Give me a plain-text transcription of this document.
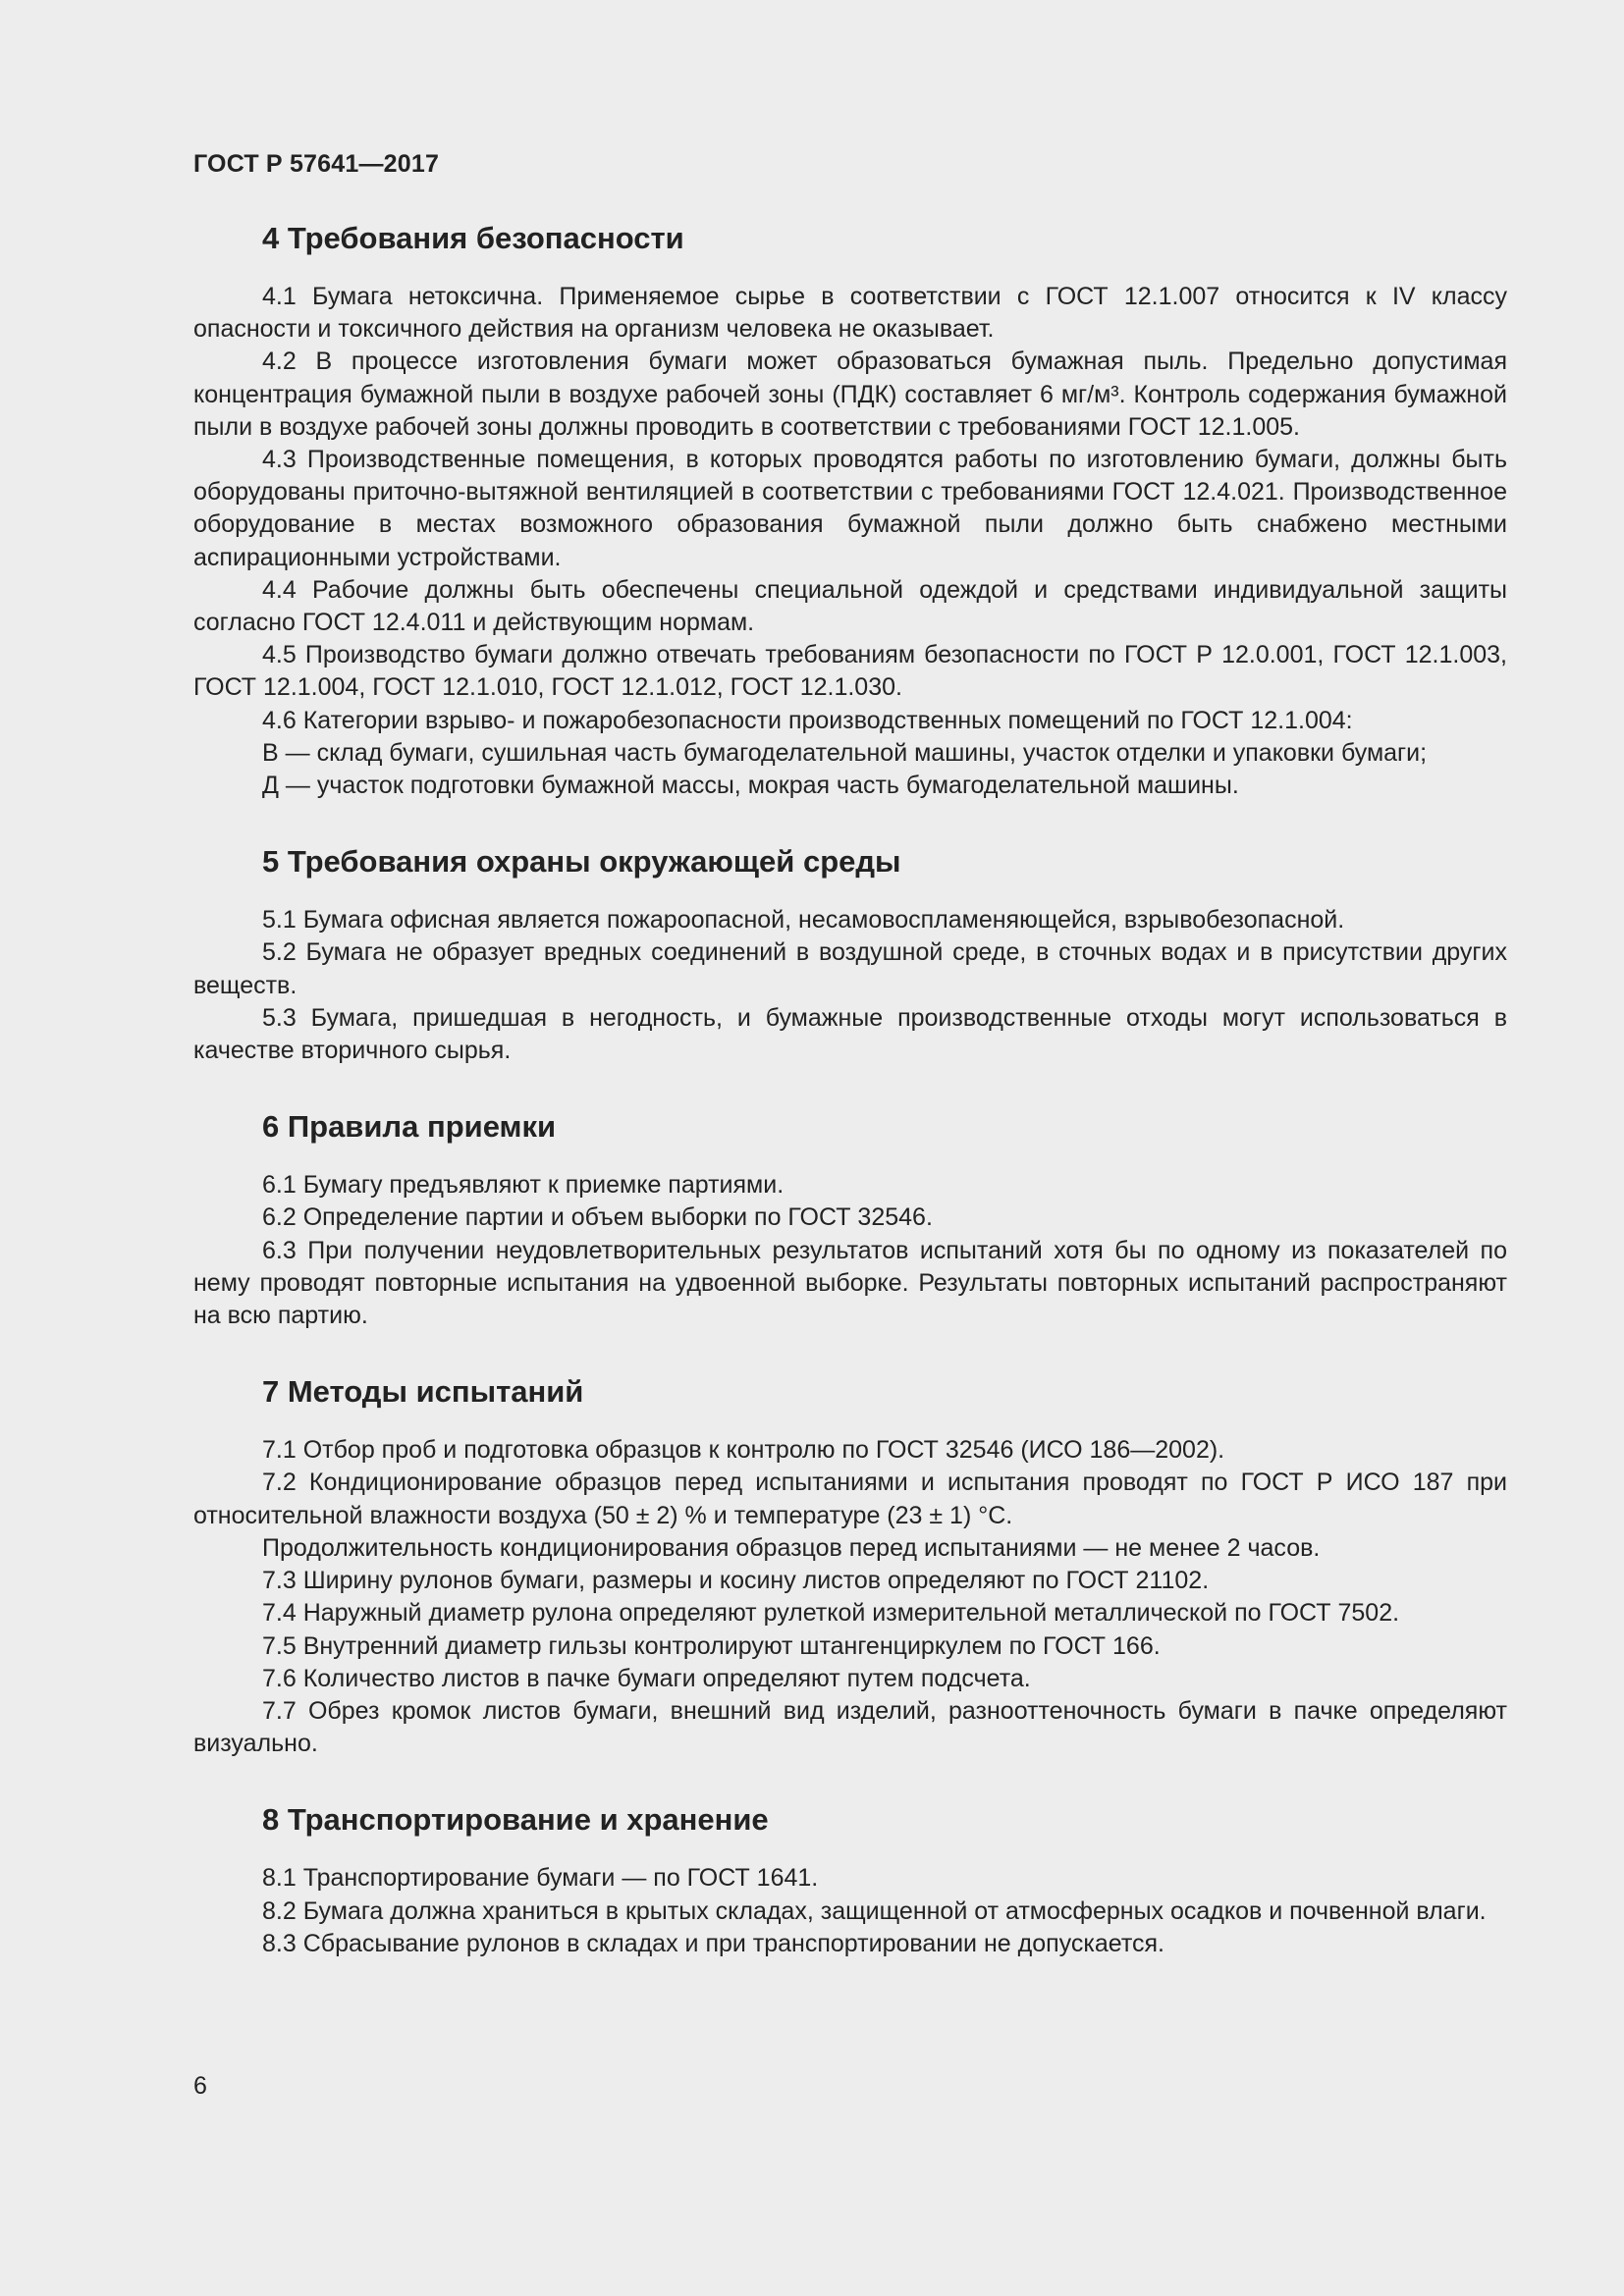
ГОСТ Р 57641—2017
4 Требования безопасности

4.1 Бумага нетоксична. Применяемое сырье в соответствии с ГОСТ 12.1.007 относится к IV классу опасности и токсичного действия на организм человека не оказывает.

4.2 В процессе изготовления бумаги может образоваться бумажная пыль. Предельно допустимая концентрация бумажной пыли в воздухе рабочей зоны (ПДК) составляет 6 мг/м³. Контроль содержания бумажной пыли в воздухе рабочей зоны должны проводить в соответствии с требованиями ГОСТ 12.1.005.

4.3 Производственные помещения, в которых проводятся работы по изготовлению бумаги, должны быть оборудованы приточно-вытяжной вентиляцией в соответствии с требованиями ГОСТ 12.4.021. Производственное оборудование в местах возможного образования бумажной пыли должно быть снабжено местными аспирационными устройствами.

4.4 Рабочие должны быть обеспечены специальной одеждой и средствами индивидуальной защиты согласно ГОСТ 12.4.011 и действующим нормам.

4.5 Производство бумаги должно отвечать требованиям безопасности по ГОСТ Р 12.0.001, ГОСТ 12.1.003, ГОСТ 12.1.004, ГОСТ 12.1.010, ГОСТ 12.1.012, ГОСТ 12.1.030.

4.6 Категории взрыво- и пожаробезопасности производственных помещений по ГОСТ 12.1.004:

В — склад бумаги, сушильная часть бумагоделательной машины, участок отделки и упаковки бумаги;

Д — участок подготовки бумажной массы, мокрая часть бумагоделательной машины.

5 Требования охраны окружающей среды

5.1 Бумага офисная является пожароопасной, несамовоспламеняющейся, взрывобезопасной.

5.2 Бумага не образует вредных соединений в воздушной среде, в сточных водах и в присутствии других веществ.

5.3 Бумага, пришедшая в негодность, и бумажные производственные отходы могут использоваться в качестве вторичного сырья.

6 Правила приемки

6.1 Бумагу предъявляют к приемке партиями.

6.2 Определение партии и объем выборки по ГОСТ 32546.

6.3 При получении неудовлетворительных результатов испытаний хотя бы по одному из показателей по нему проводят повторные испытания на удвоенной выборке. Результаты повторных испытаний распространяют на всю партию.

7 Методы испытаний

7.1 Отбор проб и подготовка образцов к контролю по ГОСТ 32546 (ИСО 186—2002).

7.2 Кондиционирование образцов перед испытаниями и испытания проводят по ГОСТ Р ИСО 187 при относительной влажности воздуха (50 ± 2) % и температуре (23 ± 1) °С.

Продолжительность кондиционирования образцов перед испытаниями — не менее 2 часов.

7.3 Ширину рулонов бумаги, размеры и косину листов определяют по ГОСТ 21102.

7.4 Наружный диаметр рулона определяют рулеткой измерительной металлической по ГОСТ 7502.

7.5 Внутренний диаметр гильзы контролируют штангенциркулем по ГОСТ 166.

7.6 Количество листов в пачке бумаги определяют путем подсчета.

7.7 Обрез кромок листов бумаги, внешний вид изделий, разнооттеночность бумаги в пачке определяют визуально.

8 Транспортирование и хранение

8.1 Транспортирование бумаги — по ГОСТ 1641.

8.2 Бумага должна храниться в крытых складах, защищенной от атмосферных осадков и почвенной влаги.

8.3 Сбрасывание рулонов в складах и при транспортировании не допускается.

6
